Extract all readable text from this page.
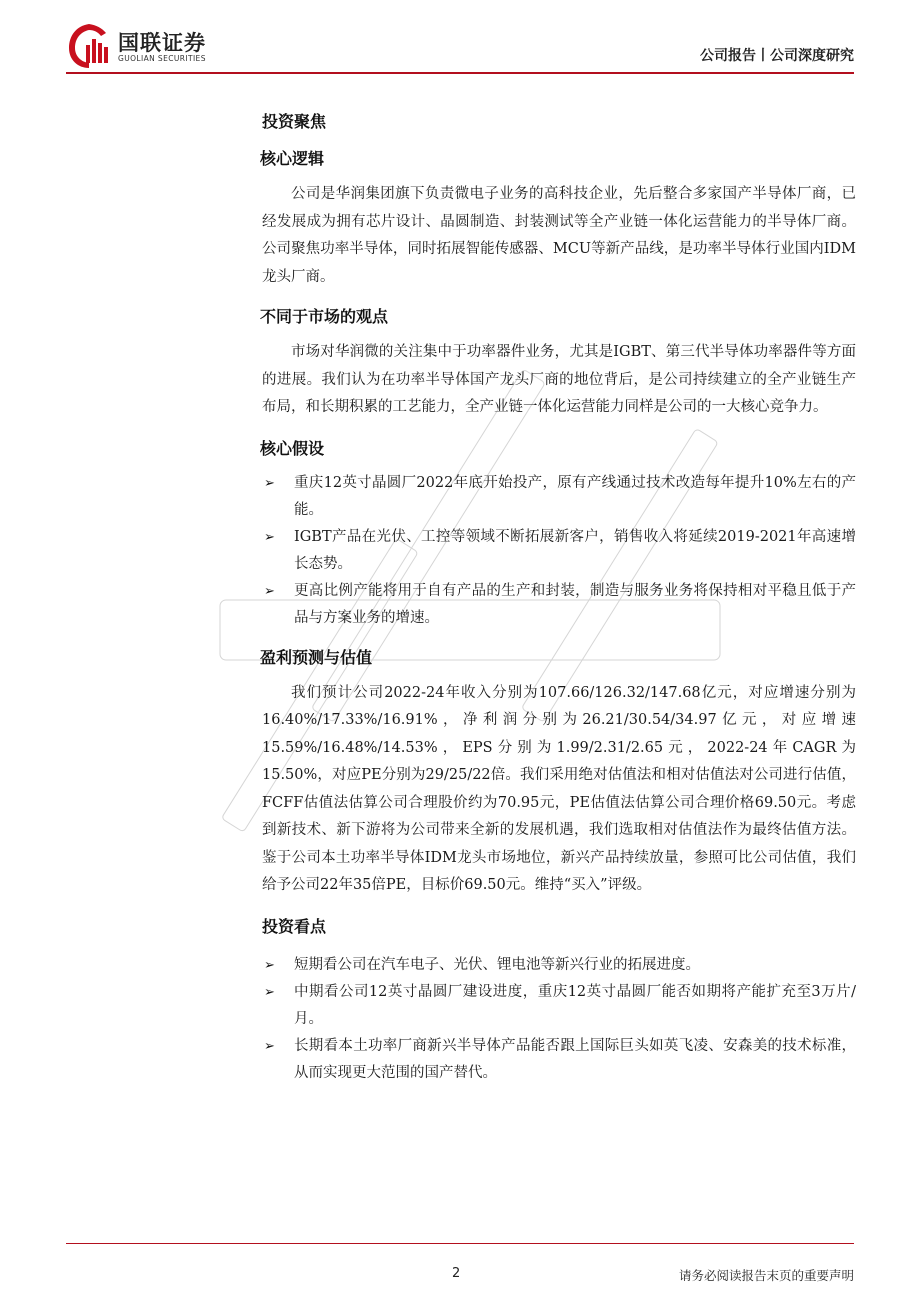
国联证券
GUOLIAN SECURITIES	公司报告丨公司深度研究
投资聚焦
核心逻辑
公司是华润集团旗下负责微电子业务的高科技企业，先后整合多家国产半导体厂商，已经发展成为拥有芯片设计、晶圆制造、封装测试等全产业链一体化运营能力的半导体厂商。公司聚焦功率半导体，同时拓展智能传感器、MCU等新产品线，是功率半导体行业国内IDM龙头厂商。
不同于市场的观点
市场对华润微的关注集中于功率器件业务，尤其是IGBT、第三代半导体功率器件等方面的进展。我们认为在功率半导体国产龙头厂商的地位背后，是公司持续建立的全产业链生产布局，和长期积累的工艺能力，全产业链一体化运营能力同样是公司的一大核心竞争力。
核心假设
➢ 重庆12英寸晶圆厂2022年底开始投产，原有产线通过技术改造每年提升10%左右的产能。
➢ IGBT产品在光伏、工控等领域不断拓展新客户，销售收入将延续2019-2021年高速增长态势。
➢ 更高比例产能将用于自有产品的生产和封装，制造与服务业务将保持相对平稳且低于产品与方案业务的增速。
盈利预测与估值
我们预计公司2022-24年收入分别为107.66/126.32/147.68亿元，对应增速分别为16.40%/17.33%/16.91%，净利润分别为26.21/30.54/34.97亿元，对应增速15.59%/16.48%/14.53%，EPS分别为1.99/2.31/2.65元，2022-24年CAGR为15.50%，对应PE分别为29/25/22倍。我们采用绝对估值法和相对估值法对公司进行估值，FCFF估值法估算公司合理股价约为70.95元，PE估值法估算公司合理价格69.50元。考虑到新技术、新下游将为公司带来全新的发展机遇，我们选取相对估值法作为最终估值方法。鉴于公司本土功率半导体IDM龙头市场地位，新兴产品持续放量，参照可比公司估值，我们给予公司22年35倍PE，目标价69.50元。维持“买入”评级。
投资看点
➢ 短期看公司在汽车电子、光伏、锂电池等新兴行业的拓展进度。
➢ 中期看公司12英寸晶圆厂建设进度，重庆12英寸晶圆厂能否如期将产能扩充至3万片/月。
➢ 长期看本土功率厂商新兴半导体产品能否跟上国际巨头如英飞凌、安森美的技术标准，从而实现更大范围的国产替代。
2	请务必阅读报告末页的重要声明
